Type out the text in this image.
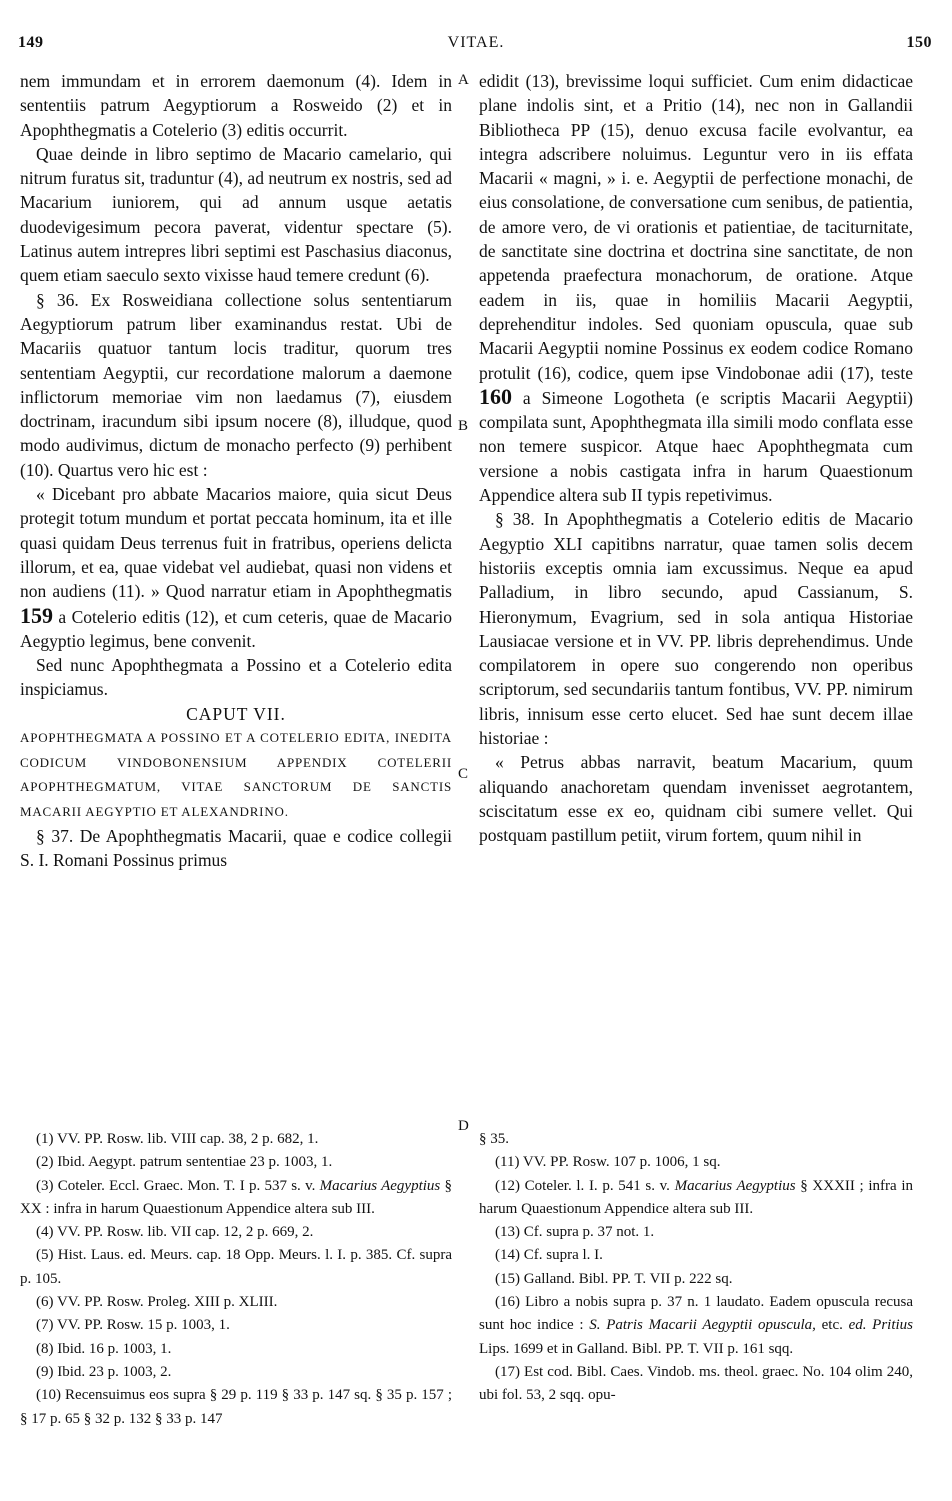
149	VITAE.	150
A
B
C
D

nem immundam et in errorem daemonum (4). Idem in sententiis patrum Aegyptiorum a Rosweido (2) et in Apophthegmatis a Cotelerio (3) editis occurrit.

Quae deinde in libro septimo de Macario camelario, qui nitrum furatus sit, traduntur (4), ad neutrum ex nostris, sed ad Macarium iuniorem, qui ad annum usque aetatis duodevigesimum pecora paverat, videntur spectare (5). Latinus autem intrepres libri septimi est Paschasius diaconus, quem etiam saeculo sexto vixisse haud temere credunt (6).

§ 36. Ex Rosweidiana collectione solus sententiarum Aegyptiorum patrum liber examinandus restat. Ubi de Macariis quatuor tantum locis traditur, quorum tres sententiam Aegyptii, cur recordatione malorum a daemone inflictorum memoriae vim non laedamus (7), eiusdem doctrinam, iracundum sibi ipsum nocere (8), illudque, quod modo audivimus, dictum de monacho perfecto (9) perhibent (10). Quartus vero hic est :

« Dicebant pro abbate Macarios maiore, quia sicut Deus protegit totum mundum et portat peccata hominum, ita et ille quasi quidam Deus terrenus fuit in fratribus, operiens delicta illorum, et ea, quae videbat vel audiebat, quasi non videns et non audiens (11). » Quod narratur etiam in Apophthegmatis 159 a Cotelerio editis (12), et cum ceteris, quae de Macario Aegyptio legimus, bene convenit.

Sed nunc Apophthegmata a Possino et a Cotelerio edita inspiciamus.

CAPUT VII.

APOPHTHEGMATA A POSSINO ET A COTELERIO EDITA, INEDITA CODICUM VINDOBONENSIUM APPENDIX COTELERII APOPHTHEGMATUM, VITAE SANCTORUM DE SANCTIS MACARII AEGYPTIO ET ALEXANDRINO.

§ 37. De Apophthegmatis Macarii, quae e codice collegii S. I. Romani Possinus primus

edidit (13), brevissime loqui sufficiet. Cum enim didacticae plane indolis sint, et a Pritio (14), nec non in Gallandii Bibliotheca PP (15), denuo excusa facile evolvantur, ea integra adscribere noluimus. Leguntur vero in iis effata Macarii « magni, » i. e. Aegyptii de perfectione monachi, de eius consolatione, de conversatione cum senibus, de patientia, de amore vero, de vi orationis et patientiae, de taciturnitate, de sanctitate sine doctrina et doctrina sine sanctitate, de non appetenda praefectura monachorum, de oratione. Atque eadem in iis, quae in homiliis Macarii Aegyptii, deprehenditur indoles. Sed quoniam opuscula, quae sub Macarii Aegyptii nomine Possinus ex eodem codice Romano protulit (16), codice, quem ipse Vindobonae adii (17), teste 160 a Simeone Logotheta (e scriptis Macarii Aegyptii) compilata sunt, Apophthegmata illa simili modo conflata esse non temere suspicor. Atque haec Apophthegmata cum versione a nobis castigata infra in harum Quaestionum Appendice altera sub II typis repetivimus.

§ 38. In Apophthegmatis a Cotelerio editis de Macario Aegyptio XLI capitibns narratur, quae tamen solis decem historiis exceptis omnia iam excussimus. Neque ea apud Palladium, in libro secundo, apud Cassianum, S. Hieronymum, Evagrium, sed in sola antiqua Historiae Lausiacae versione et in VV. PP. libris deprehendimus. Unde compilatorem in opere suo congerendo non operibus scriptorum, sed secundariis tantum fontibus, VV. PP. nimirum libris, innisum esse certo elucet. Sed hae sunt decem illae historiae :

« Petrus abbas narravit, beatum Macarium, quum aliquando anachoretam quendam invenisset aegrotantem, sciscitatum esse ex eo, quidnam cibi sumere vellet. Qui postquam pastillum petiit, virum fortem, quum nihil in

(1) VV. PP. Rosw. lib. VIII cap. 38, 2 p. 682, 1.

(2) Ibid. Aegypt. patrum sententiae 23 p. 1003, 1.

(3) Coteler. Eccl. Graec. Mon. T. I p. 537 s. v. Macarius Aegyptius § XX : infra in harum Quaestionum Appendice altera sub III.

(4) VV. PP. Rosw. lib. VII cap. 12, 2 p. 669, 2.

(5) Hist. Laus. ed. Meurs. cap. 18 Opp. Meurs. l. I. p. 385. Cf. supra p. 105.

(6) VV. PP. Rosw. Proleg. XIII p. XLIII.

(7) VV. PP. Rosw. 15 p. 1003, 1.

(8) Ibid. 16 p. 1003, 1.

(9) Ibid. 23 p. 1003, 2.

(10) Recensuimus eos supra § 29 p. 119 § 33 p. 147 sq. § 35 p. 157 ; § 17 p. 65 § 32 p. 132 § 33 p. 147

§ 35.

(11) VV. PP. Rosw. 107 p. 1006, 1 sq.

(12) Coteler. l. I. p. 541 s. v. Macarius Aegyptius § XXXII ; infra in harum Quaestionum Appendice altera sub III.

(13) Cf. supra p. 37 not. 1.

(14) Cf. supra l. I.

(15) Galland. Bibl. PP. T. VII p. 222 sq.

(16) Libro a nobis supra p. 37 n. 1 laudato. Eadem opuscula recusa sunt hoc indice : S. Patris Macarii Aegyptii opuscula, etc. ed. Pritius Lips. 1699 et in Galland. Bibl. PP. T. VII p. 161 sqq.

(17) Est cod. Bibl. Caes. Vindob. ms. theol. graec. No. 104 olim 240, ubi fol. 53, 2 sqq. opu-
